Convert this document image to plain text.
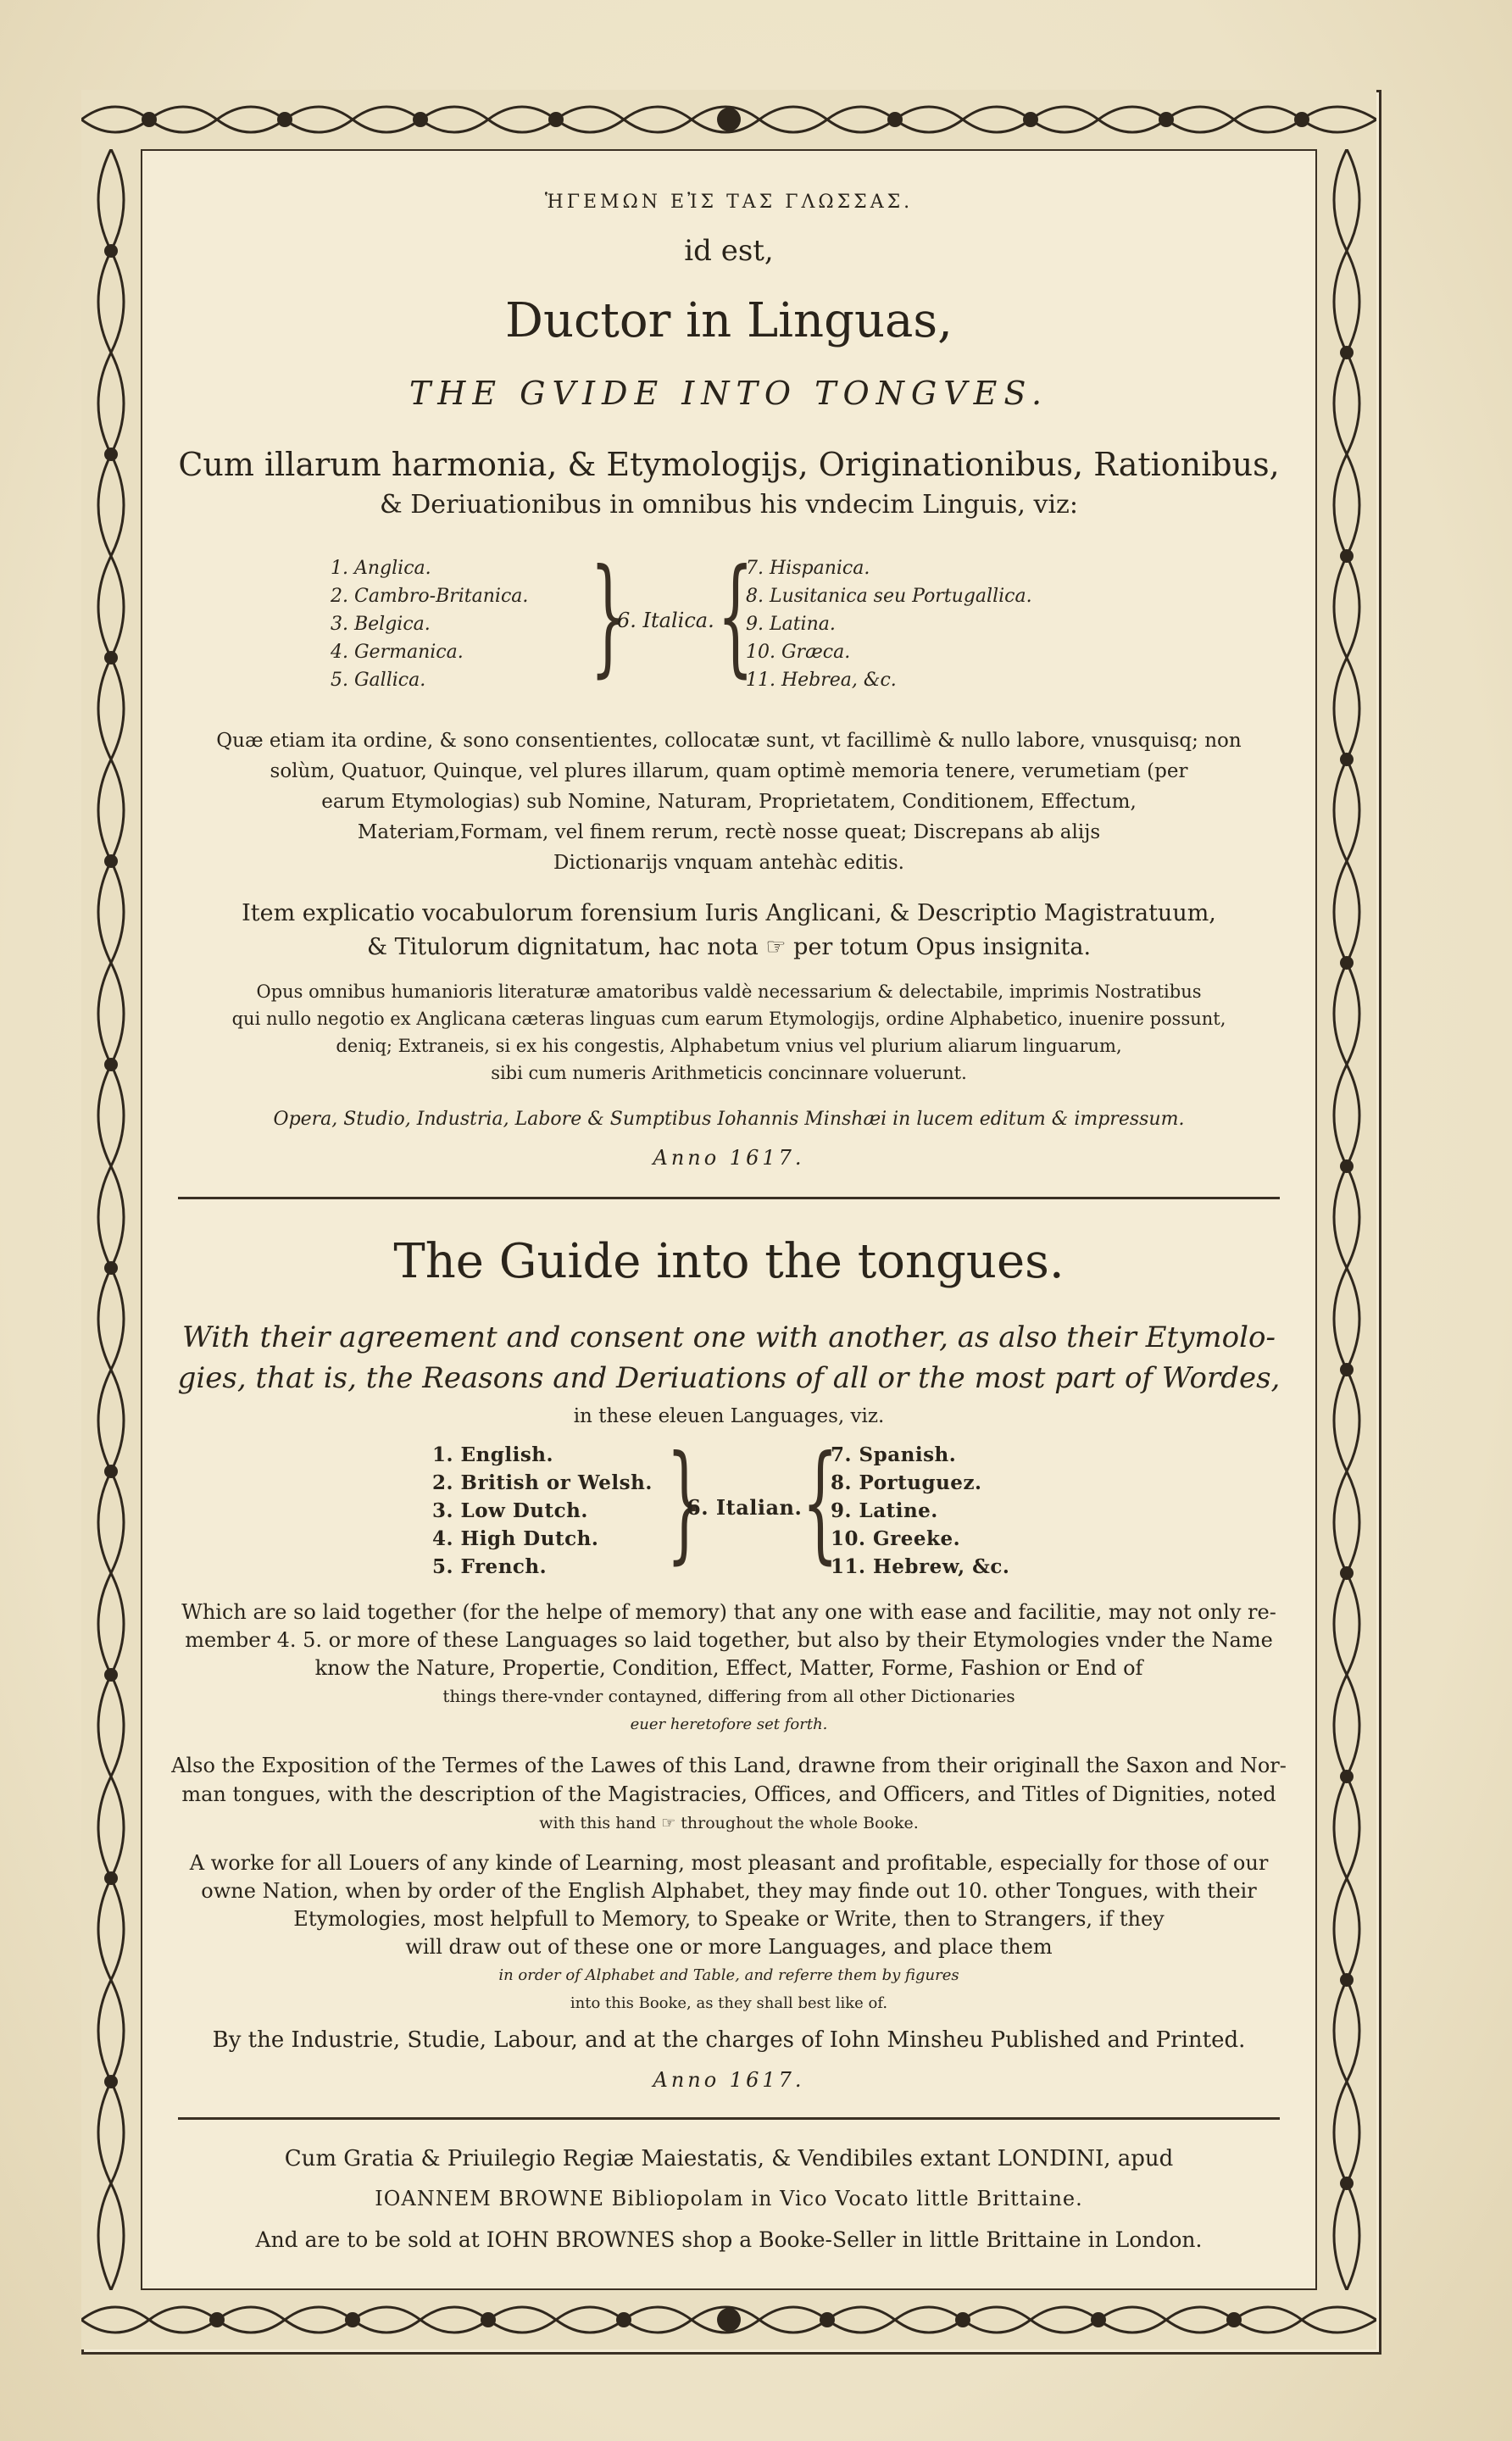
ἩΓΕΜΩΝ ΕἸΣ ΤΑΣ ΓΛΩΣΣΑΣ.
id est,
Ductor in Linguas,
THE GVIDE INTO TONGVES.
Cum illarum harmonia, & Etymologijs, Originationibus, Rationibus,
& Deriuationibus in omnibus his vndecim Linguis, viz:
1. Anglica.
2. Cambro-Britanica.
3. Belgica.
4. Germanica.
5. Gallica.	}
6. Italica. {
7. Hispanica.
8. Lusitanica seu Portugallica.
9. Latina.
10. Græca.
11. Hebrea, &c.
Quæ etiam ita ordine, & sono consentientes, collocatæ sunt, vt facillimè & nullo labore, vnusquisq; non
solùm, Quatuor, Quinque, vel plures illarum, quam optimè memoria tenere, verumetiam (per
earum Etymologias) sub Nomine, Naturam, Proprietatem, Conditionem, Effectum,
Materiam,Formam, vel finem rerum, rectè nosse queat; Discrepans ab alijs
Dictionarijs vnquam antehàc editis.
Item explicatio vocabulorum forensium Iuris Anglicani, & Descriptio Magistratuum,
& Titulorum dignitatum, hac nota ☞ per totum Opus insignita.
Opus omnibus humanioris literaturæ amatoribus valdè necessarium & delectabile, imprimis Nostratibus
qui nullo negotio ex Anglicana cæteras linguas cum earum Etymologijs, ordine Alphabetico, inuenire possunt,
deniq; Extraneis, si ex his congestis, Alphabetum vnius vel plurium aliarum linguarum,
sibi cum numeris Arithmeticis concinnare voluerunt.
Opera, Studio, Industria, Labore & Sumptibus Iohannis Minshæi in lucem editum & impressum.
Anno 1617.
The Guide into the tongues.
With their agreement and consent one with another, as also their Etymolo-
gies, that is, the Reasons and Deriuations of all or the most part of Wordes,
in these eleuen Languages, viz.
1. English.
2. British or Welsh.
3. Low Dutch.
4. High Dutch.
5. French. }
6. Italian. {
7. Spanish.
8. Portuguez.
9. Latine.
10. Greeke.
11. Hebrew, &c.
Which are so laid together (for the helpe of memory) that any one with ease and facilitie, may not only re-
member 4. 5. or more of these Languages so laid together, but also by their Etymologies vnder the Name
know the Nature, Propertie, Condition, Effect, Matter, Forme, Fashion or End of
things there-vnder contayned, differing from all other Dictionaries
euer heretofore set forth.
Also the Exposition of the Termes of the Lawes of this Land, drawne from their originall the Saxon and Nor-
man tongues, with the description of the Magistracies, Offices, and Officers, and Titles of Dignities, noted
with this hand ☞ throughout the whole Booke.
A worke for all Louers of any kinde of Learning, most pleasant and profitable, especially for those of our
owne Nation, when by order of the English Alphabet, they may finde out 10. other Tongues, with their
Etymologies, most helpfull to Memory, to Speake or Write, then to Strangers, if they
will draw out of these one or more Languages, and place them
in order of Alphabet and Table, and referre them by figures
into this Booke, as they shall best like of.
By the Industrie, Studie, Labour, and at the charges of Iohn Minsheu Published and Printed.
Anno 1617.
Cum Gratia & Priuilegio Regiæ Maiestatis, & Vendibiles extant LONDINI, apud
IOANNEM BROWNE Bibliopolam in Vico Vocato little Brittaine.
And are to be sold at IOHN BROWNES shop a Booke-Seller in little Brittaine in London.
